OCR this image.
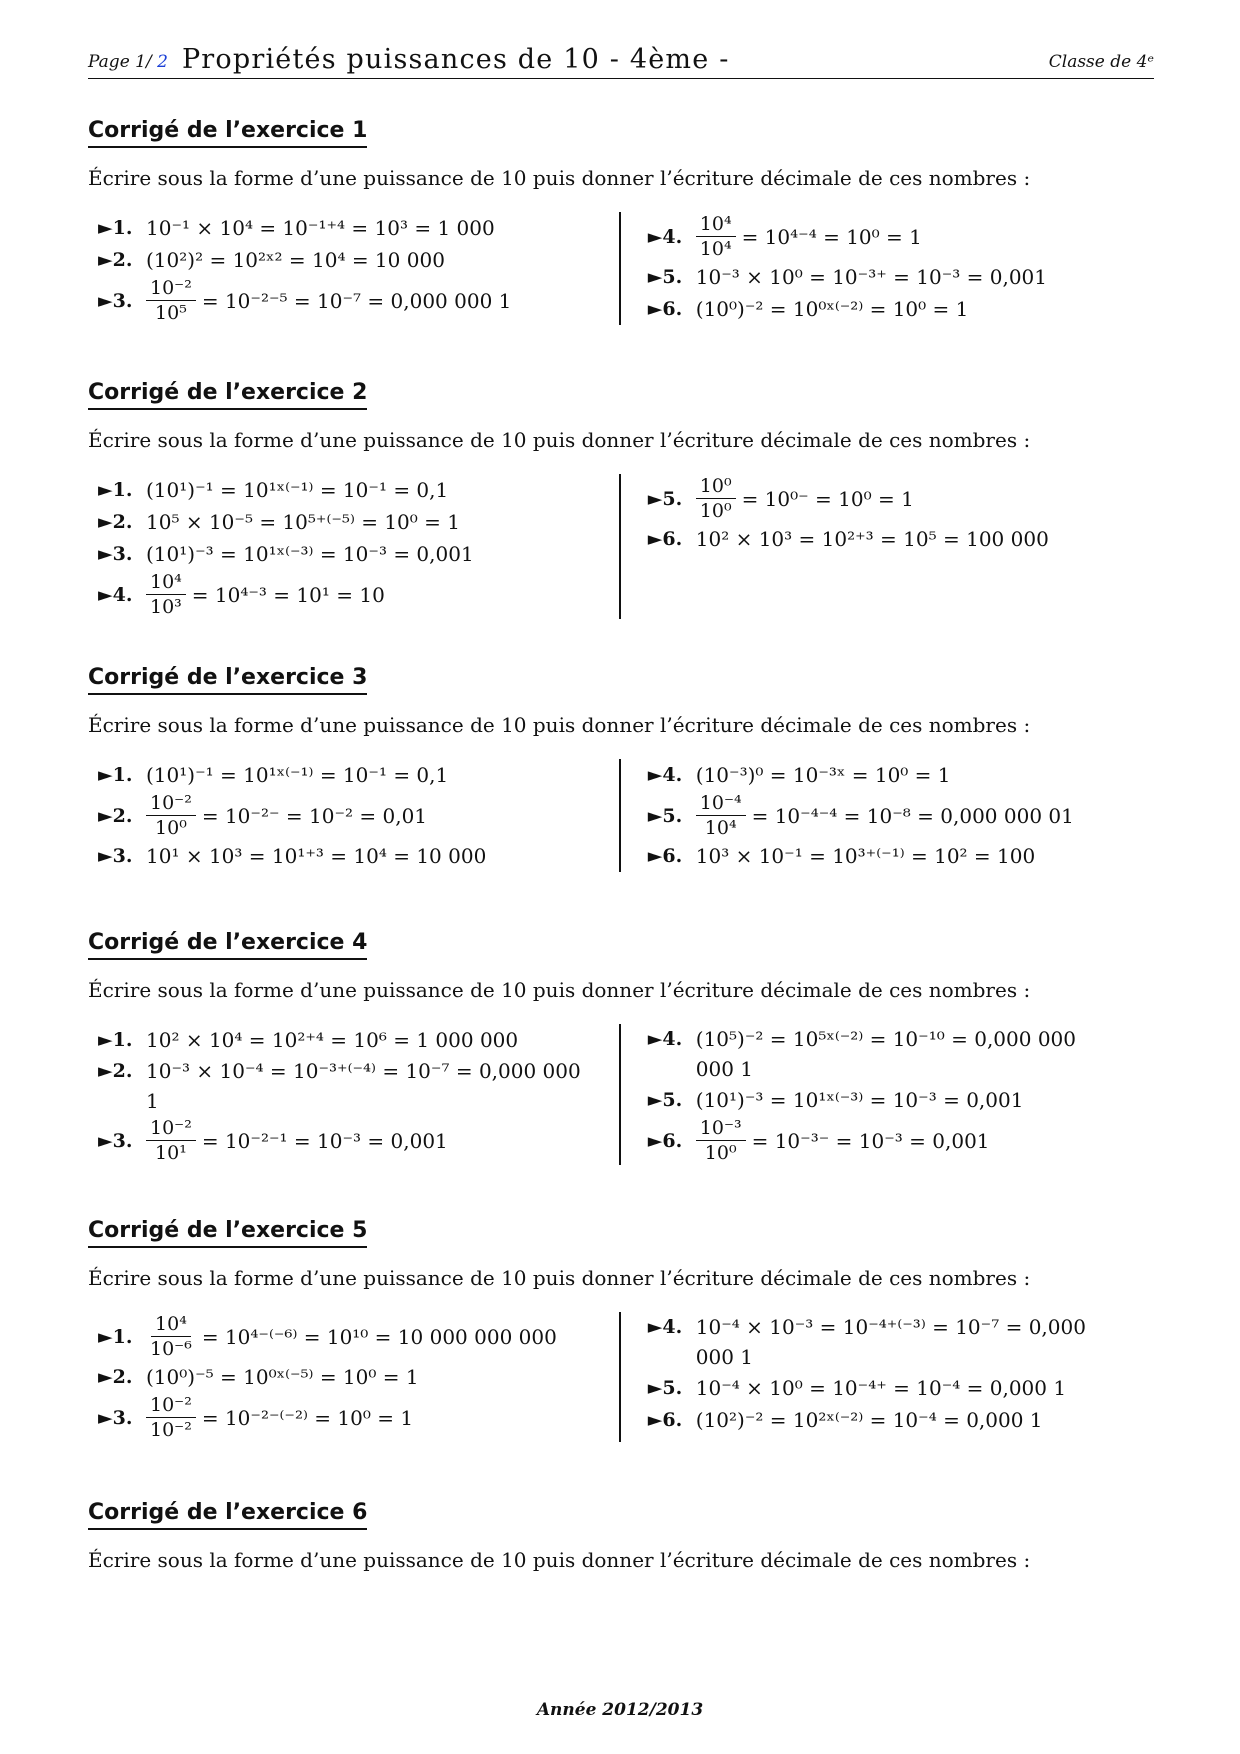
Page 1/ 2 Propriétés puissances de 10 - 4ème -	Classe de 4ᵉ
Corrigé de l’exercice 1
Écrire sous la forme d’une puissance de 10 puis donner l’écriture décimale de ces nombres :
►1. 10⁻¹ × 10⁴ = 10⁻¹⁺⁴ = 10³ = 1 000
►2. (10²)² = 10²ˣ² = 10⁴ = 10 000
►3. $\frac{\text{10⁻²}}{\text{10⁵}} = 10^{-2-5} = 10^{-7} = 0,000$ 000 1
►4. $\frac{\text{10⁴}}{\text{10⁴}} = 10^{4-4} = 10^0 = 1$
►5. 10⁻³ × 10⁰ = 10⁻³⁺ = 10⁻³ = 0,001
►6. (10⁰)⁻² = 10⁰ˣ⁽⁻²⁾ = 10⁰ = 1
Corrigé de l’exercice 2
Écrire sous la forme d’une puissance de 10 puis donner l’écriture décimale de ces nombres :
►1. (10¹)⁻¹ = 10¹ˣ⁽⁻¹⁾ = 10⁻¹ = 0,1
►2. 10⁵ × 10⁻⁵ = 10⁵⁺⁽⁻⁵⁾ = 10⁰ = 1
►3. (10¹)⁻³ = 10¹ˣ⁽⁻³⁾ = 10⁻³ = 0,001
►4. $\frac{\text{10⁴}}{\text{10³}} = 10^{4-3} = 10^1 = 10$
►5. $\frac{\text{10⁰}}{\text{10⁰}} = 10^{0-} = 10^0 = 1$
►6. 10² × 10³ = 10²⁺³ = 10⁵ = 100 000
Corrigé de l’exercice 3
Écrire sous la forme d’une puissance de 10 puis donner l’écriture décimale de ces nombres :
►1. (10¹)⁻¹ = 10¹ˣ⁽⁻¹⁾ = 10⁻¹ = 0,1
►2. $\frac{\text{10⁻²}}{\text{10⁰}} = 10^{-2-} = 10^{-2} = 0,01$
►3. 10¹ × 10³ = 10¹⁺³ = 10⁴ = 10 000
►4. (10⁻³)⁰ = 10⁻³ˣ = 10⁰ = 1
►5. $\frac{\text{10⁻⁴}}{\text{10⁴}} = 10^{-4-4} = 10^{-8} = 0,000$ 000 01
►6. 10³ × 10⁻¹ = 10³⁺⁽⁻¹⁾ = 10² = 100
Corrigé de l’exercice 4
Écrire sous la forme d’une puissance de 10 puis donner l’écriture décimale de ces nombres :
►1. 10² × 10⁴ = 10²⁺⁴ = 10⁶ = 1 000 000
►2. 10⁻³ × 10⁻⁴ = 10⁻³⁺⁽⁻⁴⁾ = 10⁻⁷ = 0,000 000 1
►3. $\frac{\text{10⁻²}}{\text{10¹}} = 10^{-2-1} = 10^{-3} = 0,001$
►4. (10⁵)⁻² = 10⁵ˣ⁽⁻²⁾ = 10⁻¹⁰ = 0,000 000 000 1
►5. (10¹)⁻³ = 10¹ˣ⁽⁻³⁾ = 10⁻³ = 0,001
►6. $\frac{\text{10⁻³}}{\text{10⁰}} = 10^{-3-} = 10^{-3} = 0,001$
Corrigé de l’exercice 5
Écrire sous la forme d’une puissance de 10 puis donner l’écriture décimale de ces nombres :
►1. $\frac{\text{10⁴}}{\text{10⁻⁶}} = 10^{4-(-6)} = 10^{10} = 10$ 000 000 000
►2. (10⁰)⁻⁵ = 10⁰ˣ⁽⁻⁵⁾ = 10⁰ = 1
►3. $\frac{\text{10⁻²}}{\text{10⁻²}} = 10^{-2-(-2)} = 10^0 = 1$
►4. 10⁻⁴ × 10⁻³ = 10⁻⁴⁺⁽⁻³⁾ = 10⁻⁷ = 0,000 000 1
►5. 10⁻⁴ × 10⁰ = 10⁻⁴⁺ = 10⁻⁴ = 0,000 1
►6. (10²)⁻² = 10²ˣ⁽⁻²⁾ = 10⁻⁴ = 0,000 1
Corrigé de l’exercice 6
Écrire sous la forme d’une puissance de 10 puis donner l’écriture décimale de ces nombres :
Année 2012/2013
